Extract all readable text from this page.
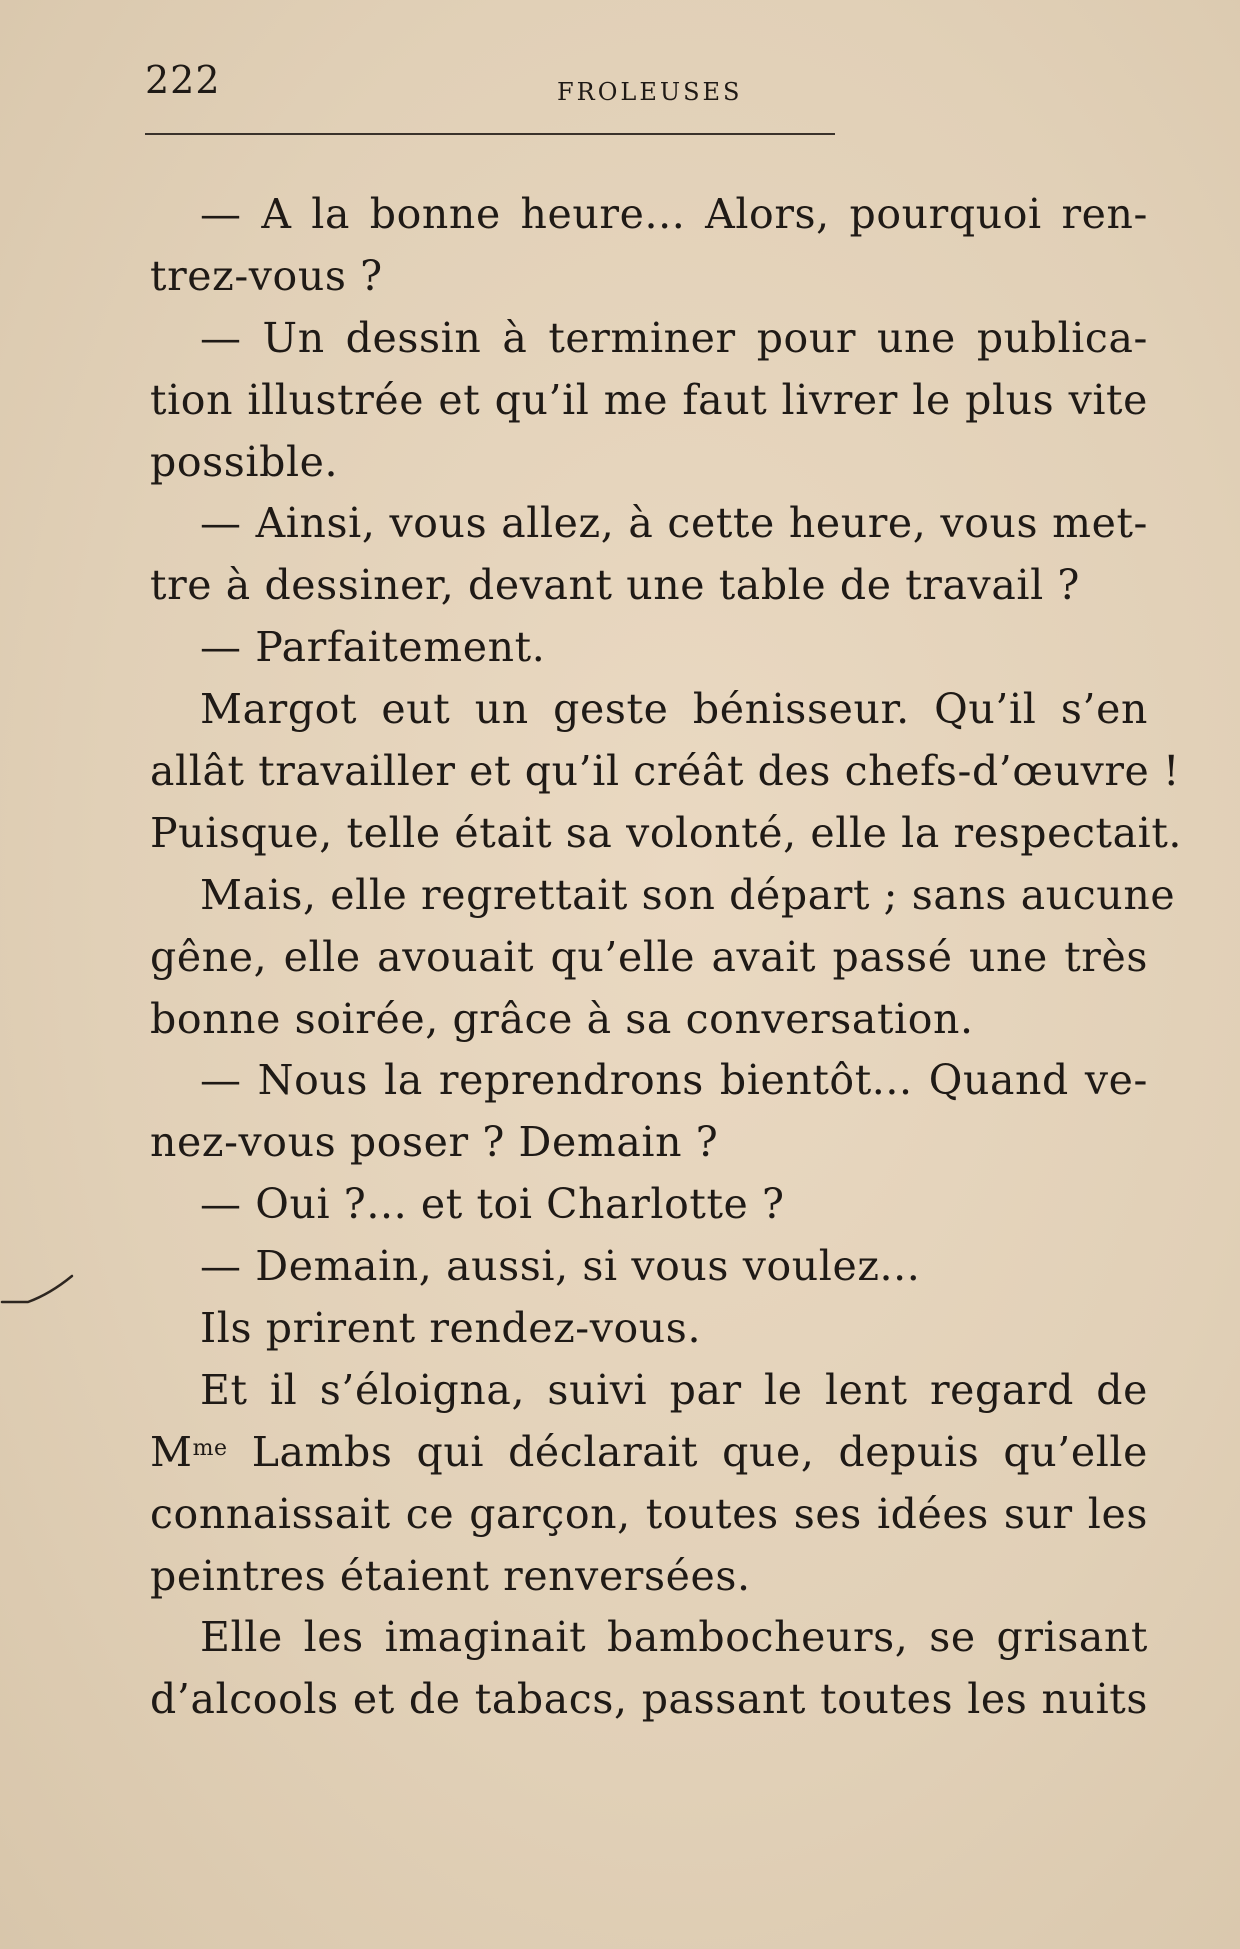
222	FROLEUSES
— A la bonne heure... Alors, pourquoi ren-
trez-vous ?
— Un dessin à terminer pour une publica-
tion illustrée et qu’il me faut livrer le plus vite
possible.
— Ainsi, vous allez, à cette heure, vous met-
tre à dessiner, devant une table de travail ?
— Parfaitement.
Margot eut un geste bénisseur. Qu’il s’en
allât travailler et qu’il créât des chefs-d’œuvre !
Puisque, telle était sa volonté, elle la respectait.
Mais, elle regrettait son départ ; sans aucune
gêne, elle avouait qu’elle avait passé une très
bonne soirée, grâce à sa conversation.
— Nous la reprendrons bientôt... Quand ve-
nez-vous poser ? Demain ?
— Oui ?... et toi Charlotte ?
— Demain, aussi, si vous voulez...
Ils prirent rendez-vous.
Et il s’éloigna, suivi par le lent regard de
$M^{me}$ Lambs qui déclarait que, depuis qu’elle
connaissait ce garçon, toutes ses idées sur les
peintres étaient renversées.
Elle les imaginait bambocheurs, se grisant
d’alcools et de tabacs, passant toutes les nuits
